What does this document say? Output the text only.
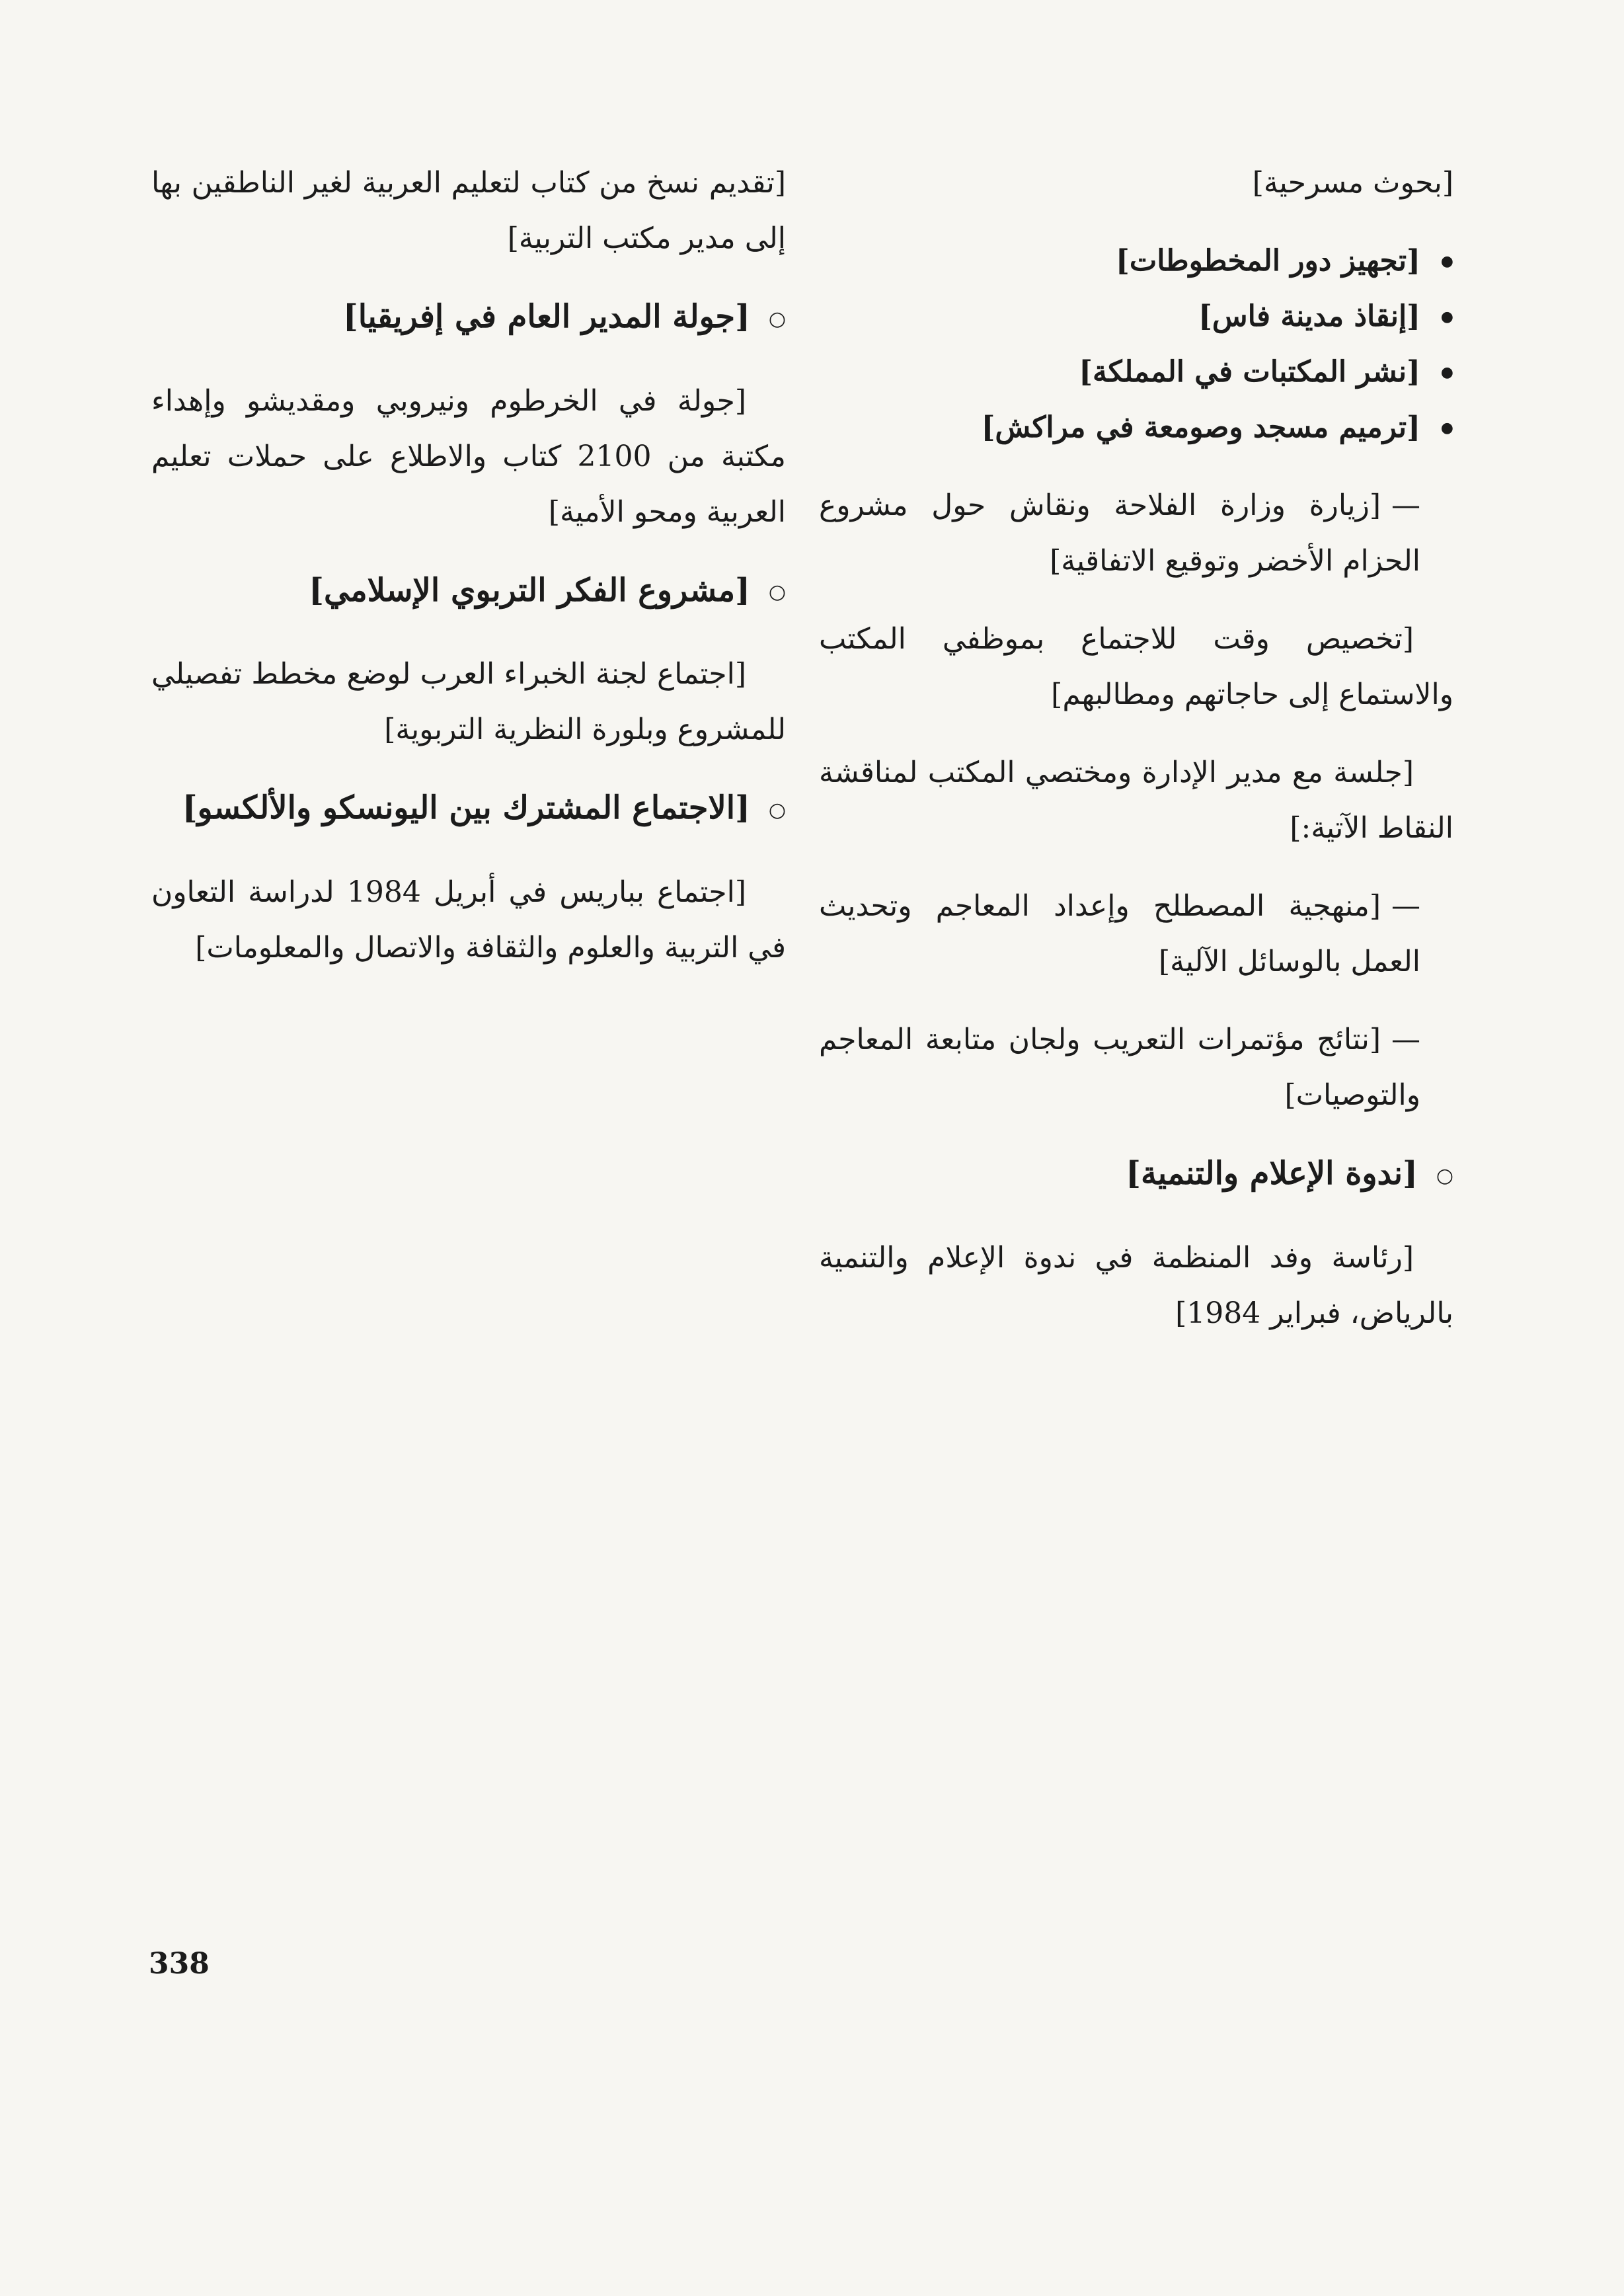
[بحوث مسرحية]

● [تجهيز دور المخطوطات]
● [إنقاذ مدينة فاس]
● [نشر المكتبات في المملكة]
● [ترميم مسجد وصومعة في مراكش]

— [زيارة وزارة الفلاحة ونقاش حول مشروع الحزام الأخضر وتوقيع الاتفاقية]

[تخصيص وقت للاجتماع بموظفي المكتب والاستماع إلى حاجاتهم ومطالبهم]

[جلسة مع مدير الإدارة ومختصي المكتب لمناقشة النقاط الآتية:]

— [منهجية المصطلح وإعداد المعاجم وتحديث العمل بالوسائل الآلية]

— [نتائج مؤتمرات التعريب ولجان متابعة المعاجم والتوصيات]

○[ندوة الإعلام والتنمية]

[رئاسة وفد المنظمة في ندوة الإعلام والتنمية بالرياض، فبراير 1984]

[تقديم نسخ من كتاب لتعليم العربية لغير الناطقين بها إلى مدير مكتب التربية]

○[جولة المدير العام في إفريقيا]

[جولة في الخرطوم ونيروبي ومقديشو وإهداء مكتبة من 2100 كتاب والاطلاع على حملات تعليم العربية ومحو الأمية]

○[مشروع الفكر التربوي الإسلامي]

[اجتماع لجنة الخبراء العرب لوضع مخطط تفصيلي للمشروع وبلورة النظرية التربوية]

○[الاجتماع المشترك بين اليونسكو والألكسو]

[اجتماع بباريس في أبريل 1984 لدراسة التعاون في التربية والعلوم والثقافة والاتصال والمعلومات]

338
